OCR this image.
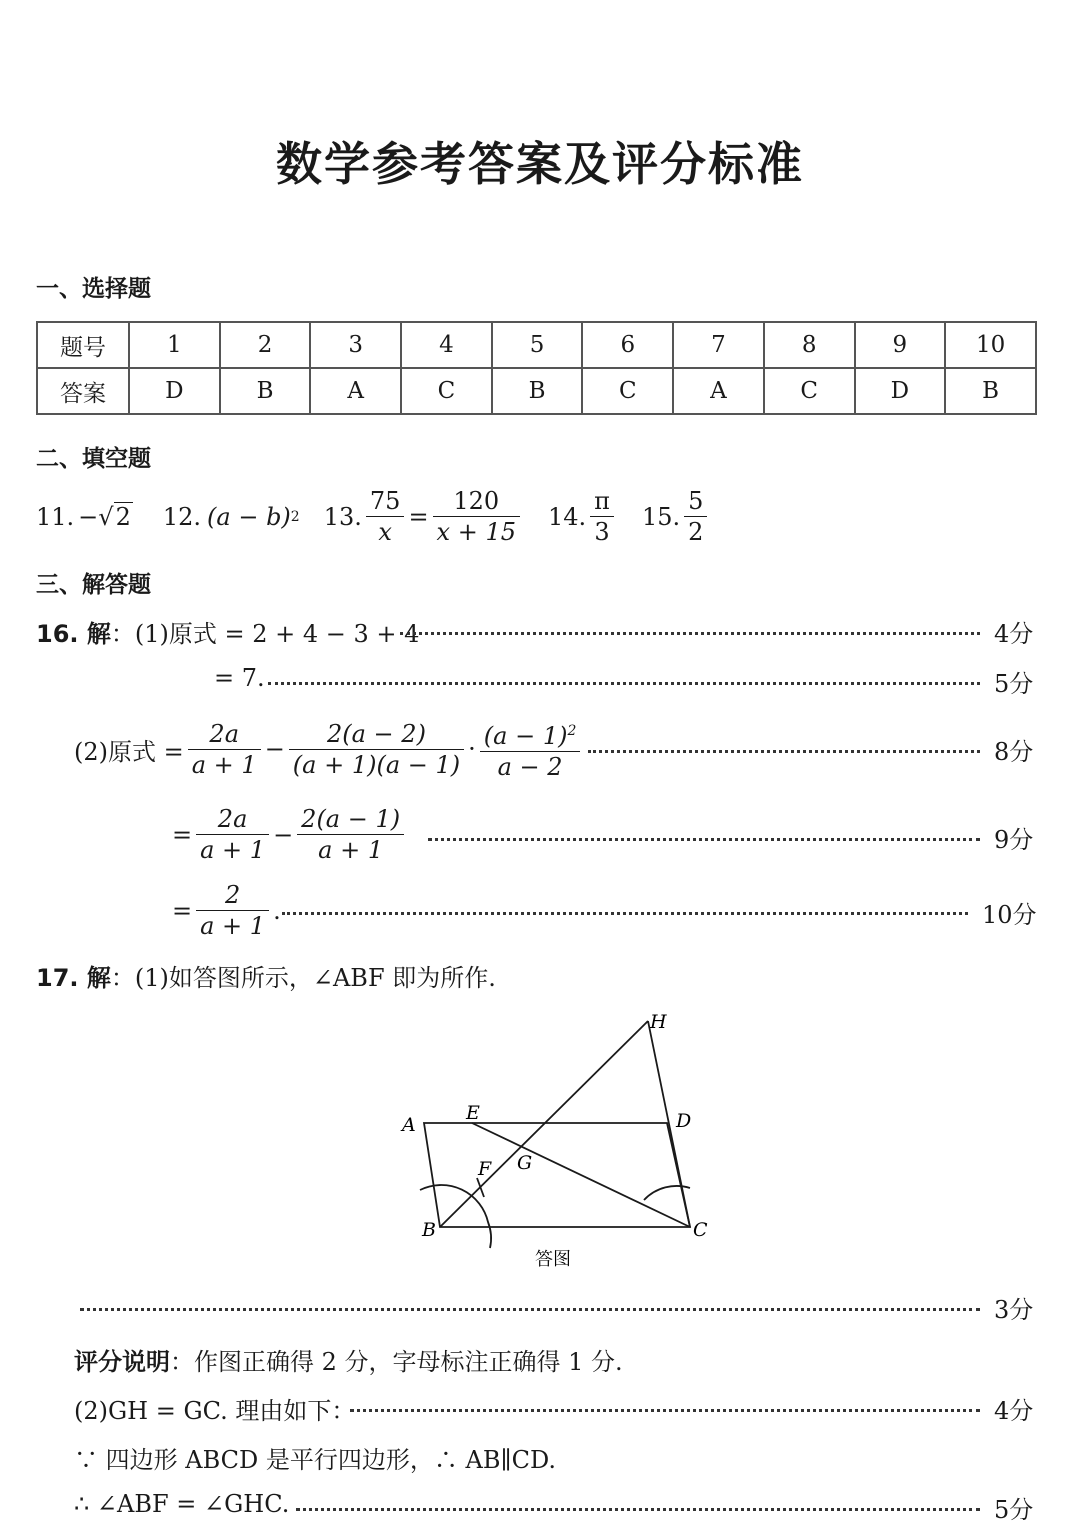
数学参考答案及评分标准
一、选择题
题号	1	2	3	4	5	6	7	8	9	10
答案	D	B	A	C	B	C	A	C	D	B
二、填空题
11. − √ 2 12. (a − b) 2 13. $\frac{75}{x} = \frac{120}{x + 15} 14$. $\frac{\pi}{3} 15$. $\frac{5}{2}$
三、解答题
16. 解：(1)原式 = 2 + 4 − 3 + 4	4分
= 7.	5分
(2)原式 = $\frac{2a}{a + 1} - \frac{2(a - 2)}{(a + 1)(a - 1)} \cdot \frac{(a - 1)^2}{a - 2}$	8分
= $\frac{2a}{a + 1} - \frac{2(a - 1)}{a + 1}$	9分
= $\frac{2}{a + 1}$ .	10分
17. 解：(1)如答图所示，∠ABF 即为所作.
A
E	D
H
F G
B	C
答图
3分
评分说明：作图正确得 2 分，字母标注正确得 1 分.
(2)GH = GC. 理由如下：	4分
∵ 四边形 ABCD 是平行四边形，∴ AB∥CD.
∴ ∠ABF = ∠GHC.	5分
